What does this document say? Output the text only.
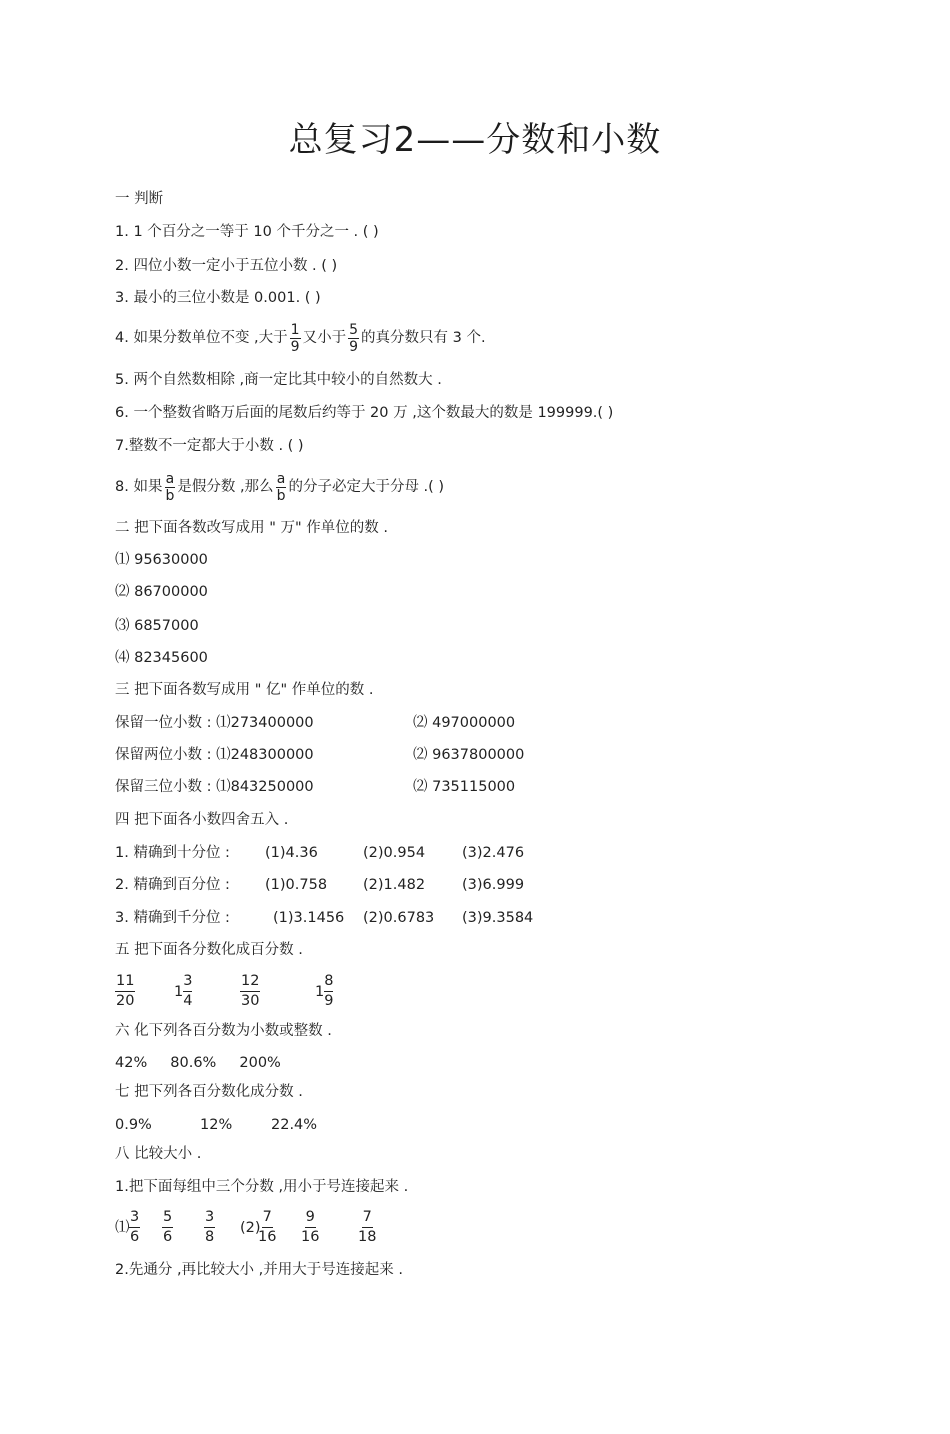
总复习2——分数和小数
一 判断
1. 1 个百分之一等于 10 个千分之一 . ( )
2. 四位小数一定小于五位小数 . ( )
3. 最小的三位小数是 0.001. ( )
4. 如果分数单位不变 ,大于 $\frac{1}{9}$ 又小于 $\frac{5}{9}$ 的真分数只有 3 个.
5. 两个自然数相除 ,商一定比其中较小的自然数大 .
6. 一个整数省略万后面的尾数后约等于 20 万 ,这个数最大的数是 199999.( )
7.整数不一定都大于小数 . ( )
8. 如果 $\frac{a}{b}$ 是假分数 ,那么 $\frac{a}{b}$ 的分子必定大于分母 .( )
二 把下面各数改写成用 " 万" 作单位的数 .
⑴ 95630000
⑵ 86700000
⑶ 6857000
⑷ 82345600
三 把下面各数写成用 " 亿" 作单位的数 .
保留一位小数 : ⑴273400000	⑵ 497000000
保留两位小数 : ⑴248300000	⑵ 9637800000
保留三位小数 : ⑴843250000	⑵ 735115000
四 把下面各小数四舍五入 .
1. 精确到十分位 : (1)4.36	(2)0.954	(3)2.476
2. 精确到百分位 : (1)0.758 (2)1.482	(3)6.999
3. 精确到千分位 :	(1)3.1456 (2)0.6783 (3)9.3584
五 把下面各分数化成百分数 .
$\frac{11}{20}$	$1 \frac{3}{4}$	$\frac{12}{30}$	$1 \frac{8}{9}$
六 化下列各百分数为小数或整数 .
42%     80.6%     200%
七 把下列各百分数化成分数 .
0.9%	12%	22.4%
八 比较大小 .
1.把下面每组中三个分数 ,用小于号连接起来 .
⑴ $\frac{3}{6} \frac{5}{6} \frac{3}{8} (2)$
$\frac{7}{16} \frac{9}{16}$	$\frac{7}{18}$
2.先通分 ,再比较大小 ,并用大于号连接起来 .
